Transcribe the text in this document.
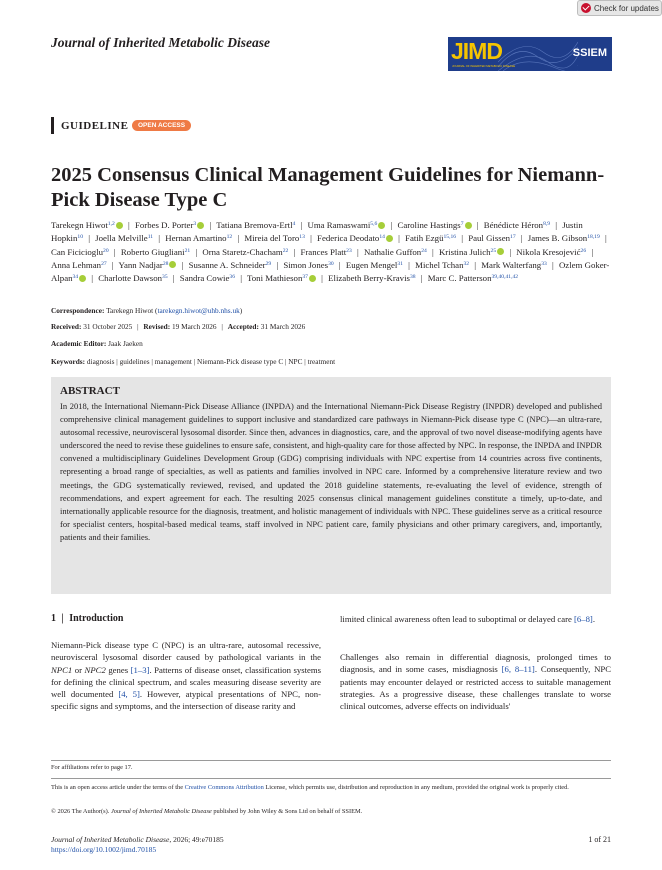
Check for updates
Journal of Inherited Metabolic Disease	JIMD
JOURNAL OF INHERITED METABOLIC DISEASE
SSIEM
GUIDELINE	OPEN ACCESS
2025 Consensus Clinical Management Guidelines for Niemann-Pick Disease Type C
Tarekegn Hiwot$^{1,2}$ | Forbes D. Porter$^3$ | Tatiana Bremova-Ertl$^4$ | Uma Ramaswami$^{5,6}$ | Caroline Hastings$^7$ | Bénédicte Héron$^{8,9}$ | Justin Hopkin$^{10}$ | Joella Melville$^{11}$ | Hernan Amartino$^{12}$ | Mireia del Toro$^{13}$ | Federica Deodato$^{14}$ | Fatih Ezgü$^{15,16}$ | Paul Gissen$^{17}$ | James B. Gibson$^{18,19}$ | Can Ficicioglu$^{20}$ | Roberto Giugliani$^{21}$ | Orna Staretz-Chacham$^{22}$ | Frances Platt$^{23}$ | Nathalie Guffon$^{24}$ | Kristina Julich$^{25}$ | Nikola Kresojević$^{26}$ | Anna Lehman$^{27}$ | Yann Nadjar$^{28}$ | Susanne A. Schneider$^{29}$ | Simon Jones$^{30}$ | Eugen Mengel$^{31}$ | Michel Tchan$^{32}$ | Mark Walterfang$^{33}$ | Ozlem Goker-Alpan$^{34}$ | Charlotte Dawson$^{35}$ | Sandra Cowie$^{36}$ | Toni Mathieson$^{37}$ | Elizabeth Berry-Kravis$^{38}$ | Marc C. Patterson$^{39,40,41,42}$
Correspondence: Tarekegn Hiwot (tarekegn.hiwot@uhb.nhs.uk)
Received: 31 October 2025 | Revised: 19 March 2026 | Accepted: 31 March 2026
Academic Editor: Jaak Jaeken
Keywords: diagnosis | guidelines | management | Niemann-Pick disease type C | NPC | treatment
ABSTRACT
In 2018, the International Niemann-Pick Disease Alliance (INPDA) and the International Niemann-Pick Disease Registry (INPDR) developed and published comprehensive clinical management guidelines to support inclusive and standardized care pathways in Niemann-Pick disease type C (NPC)—an ultra-rare, autosomal recessive, neurovisceral lysosomal disorder. Since then, advances in diagnostics, care, and the approval of two novel disease-modifying agents have underscored the need to revise these guidelines to ensure safe, consistent, and high-quality care for those affected by NPC. In response, the INPDA and INPDR convened a multidisciplinary Guidelines Development Group (GDG) comprising individuals with NPC expertise from 14 countries across five continents, representing a broad range of specialties, as well as patients and families involved in NPC care. Informed by a comprehensive literature review and two meetings, the GDG systematically reviewed, revised, and updated the 2018 guideline statements, re-evaluating the level of evidence, strength of recommendations, and expert agreement for each. The resulting 2025 consensus clinical management guidelines constitute a timely, up-to-date, and internationally applicable resource for the diagnosis, treatment, and holistic management of individuals with NPC. These guidelines serve as a critical resource for specialist centers, hospital-based medical teams, staff involved in NPC patient care, family physicians and other primary caregivers, and, importantly, patients and their families.
1 | Introduction
Niemann-Pick disease type C (NPC) is an ultra-rare, autosomal recessive, neurovisceral lysosomal disorder caused by pathological variants in the NPC1 or NPC2 genes [1–3]. Patterns of disease onset, classification systems for defining the clinical spectrum, and scales measuring disease severity are well documented [4, 5]. However, atypical presentations of NPC, non-specific signs and symptoms, and the intersection of disease rarity and
limited clinical awareness often lead to suboptimal or delayed care [6–8].
Challenges also remain in differential diagnosis, prolonged times to diagnosis, and in some cases, misdiagnosis [6, 8–11]. Consequently, NPC patients may encounter delayed or restricted access to suitable management strategies. As a progressive disease, these challenges translate to worse clinical outcomes, adverse effects on individuals'
For affiliations refer to page 17.
This is an open access article under the terms of the Creative Commons Attribution License, which permits use, distribution and reproduction in any medium, provided the original work is properly cited.
© 2026 The Author(s). Journal of Inherited Metabolic Disease published by John Wiley & Sons Ltd on behalf of SSIEM.
Journal of Inherited Metabolic Disease, 2026; 49:e70185
https://doi.org/10.1002/jimd.70185
1 of 21
